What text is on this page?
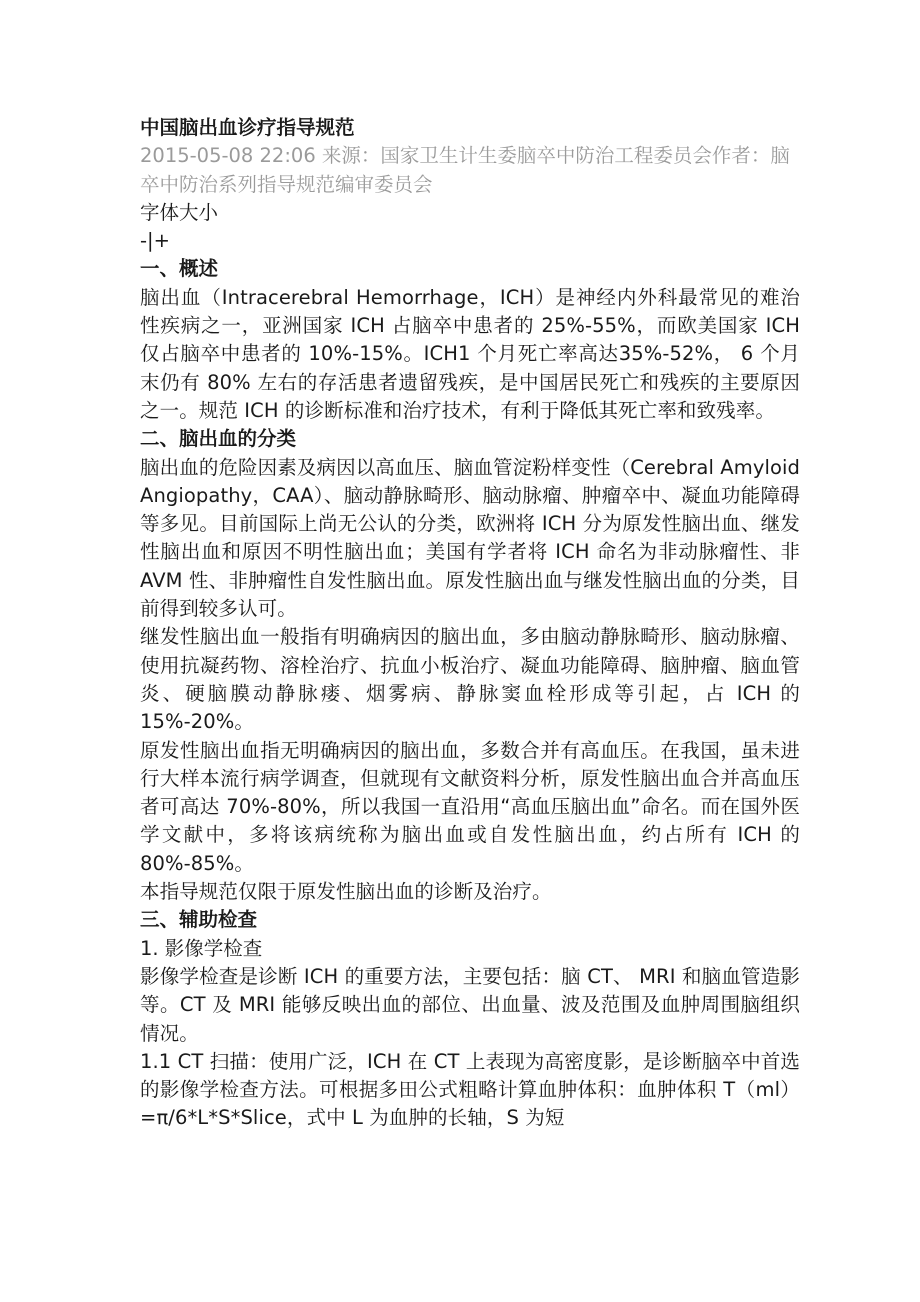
中国脑出血诊疗指导规范
2015-05-08 22:06 来源：国家卫生计生委脑卒中防治工程委员会作者：脑卒中防治系列指导规范编审委员会
字体大小
-|+
一、概述

脑出血（Intracerebral Hemorrhage，ICH）是神经内外科最常见的难治性疾病之一，亚洲国家 ICH 占脑卒中患者的 25%-55%，而欧美国家 ICH 仅占脑卒中患者的 10%-15%。ICH1 个月死亡率高达35%-52%， 6 个月末仍有 80% 左右的存活患者遗留残疾，是中国居民死亡和残疾的主要原因之一。规范 ICH 的诊断标准和治疗技术，有利于降低其死亡率和致残率。

二、脑出血的分类

脑出血的危险因素及病因以高血压、脑血管淀粉样变性（Cerebral Amyloid Angiopathy，CAA）、脑动静脉畸形、脑动脉瘤、肿瘤卒中、凝血功能障碍等多见。目前国际上尚无公认的分类，欧洲将 ICH 分为原发性脑出血、继发性脑出血和原因不明性脑出血；美国有学者将 ICH 命名为非动脉瘤性、非 AVM 性、非肿瘤性自发性脑出血。原发性脑出血与继发性脑出血的分类，目前得到较多认可。

继发性脑出血一般指有明确病因的脑出血，多由脑动静脉畸形、脑动脉瘤、使用抗凝药物、溶栓治疗、抗血小板治疗、凝血功能障碍、脑肿瘤、脑血管炎、硬脑膜动静脉瘘、烟雾病、静脉窦血栓形成等引起，占 ICH 的 15%-20%。

原发性脑出血指无明确病因的脑出血，多数合并有高血压。在我国，虽未进行大样本流行病学调查，但就现有文献资料分析，原发性脑出血合并高血压者可高达 70%-80%，所以我国一直沿用“高血压脑出血”命名。而在国外医学文献中，多将该病统称为脑出血或自发性脑出血，约占所有 ICH 的 80%-85%。

本指导规范仅限于原发性脑出血的诊断及治疗。

三、辅助检查
1. 影像学检查

影像学检查是诊断 ICH 的重要方法，主要包括：脑 CT、 MRI 和脑血管造影等。CT 及 MRI 能够反映出血的部位、出血量、波及范围及血肿周围脑组织情况。

1.1 CT 扫描：使用广泛，ICH 在 CT 上表现为高密度影，是诊断脑卒中首选的影像学检查方法。可根据多田公式粗略计算血肿体积：血肿体积 T（ml）=π/6*L*S*Slice，式中 L 为血肿的长轴，S 为短
